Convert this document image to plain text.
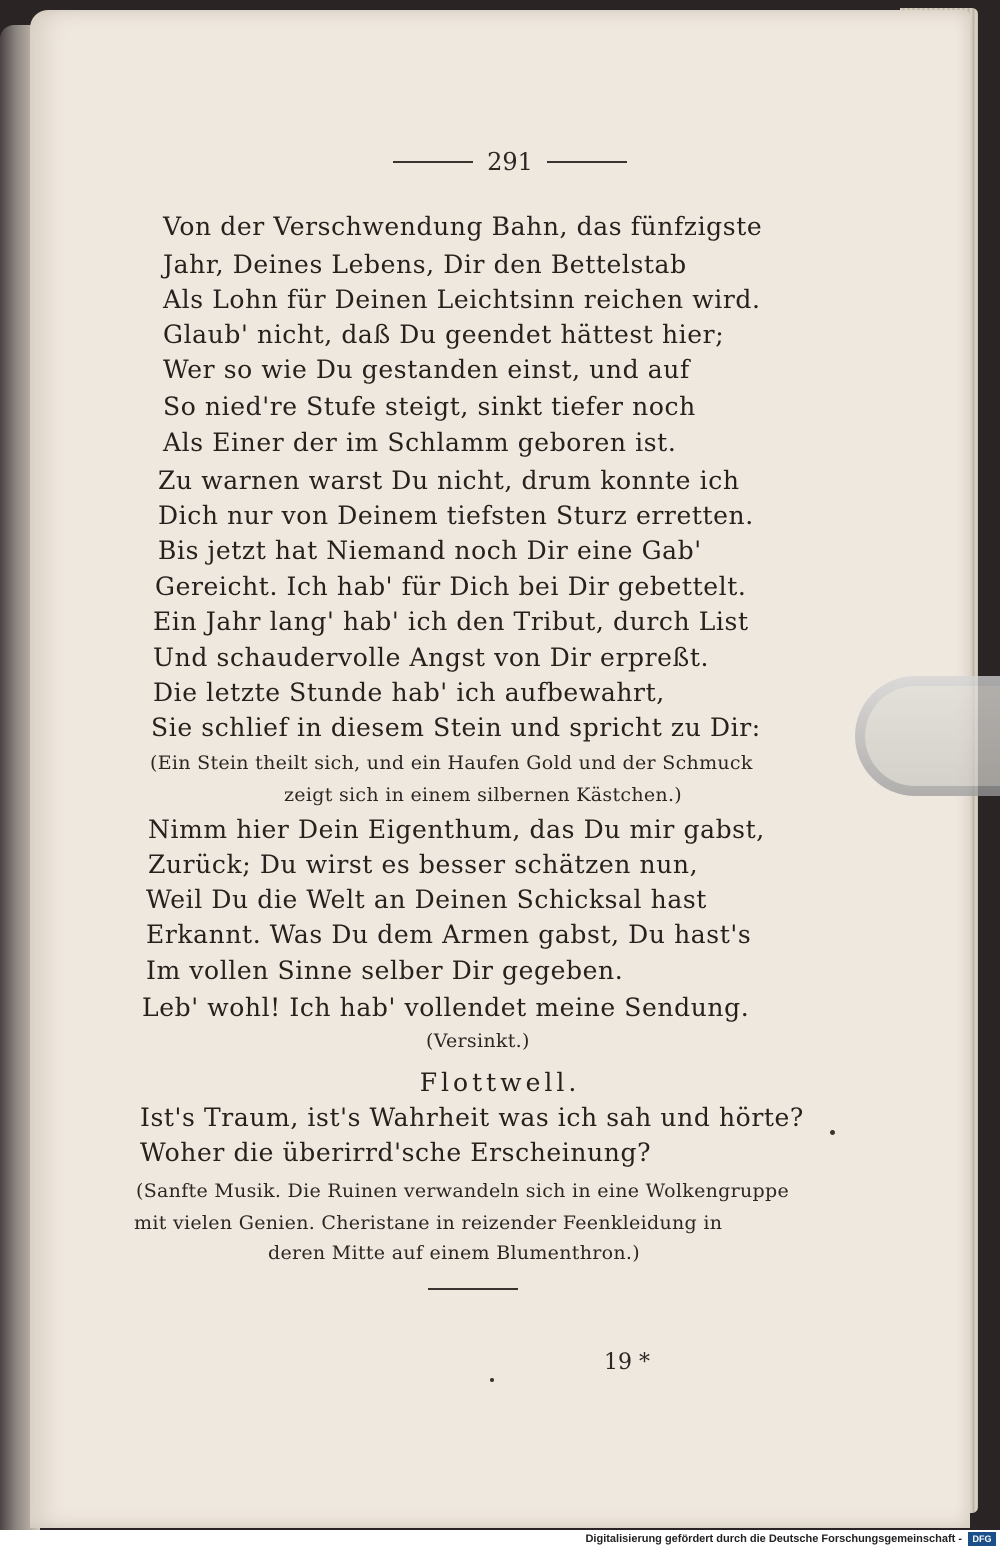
291
Von der Verschwendung Bahn, das fünfzigste
Jahr, Deines Lebens, Dir den Bettelstab
Als Lohn für Deinen Leichtsinn reichen wird.
Glaub' nicht, daß Du geendet hättest hier;
Wer so wie Du gestanden einst, und auf
So nied're Stufe steigt, sinkt tiefer noch
Als Einer der im Schlamm geboren ist.
Zu warnen warst Du nicht, drum konnte ich
Dich nur von Deinem tiefsten Sturz erretten.
Bis jetzt hat Niemand noch Dir eine Gab'
Gereicht. Ich hab' für Dich bei Dir gebettelt.
Ein Jahr lang' hab' ich den Tribut, durch List
Und schaudervolle Angst von Dir erpreßt.
Die letzte Stunde hab' ich aufbewahrt,
Sie schlief in diesem Stein und spricht zu Dir:
(Ein Stein theilt sich, und ein Haufen Gold und der Schmuck
zeigt sich in einem silbernen Kästchen.)
Nimm hier Dein Eigenthum, das Du mir gabst,
Zurück; Du wirst es besser schätzen nun,
Weil Du die Welt an Deinen Schicksal hast
Erkannt. Was Du dem Armen gabst, Du hast's
Im vollen Sinne selber Dir gegeben.
Leb' wohl! Ich hab' vollendet meine Sendung.
(Versinkt.)
Flottwell.
Ist's Traum, ist's Wahrheit was ich sah und hörte?
Woher die überirrd'sche Erscheinung?
(Sanfte Musik. Die Ruinen verwandeln sich in eine Wolkengruppe
mit vielen Genien. Cheristane in reizender Feenkleidung in
deren Mitte auf einem Blumenthron.)
19 *
Digitalisierung gefördert durch die Deutsche Forschungsgemeinschaft -	DFG
